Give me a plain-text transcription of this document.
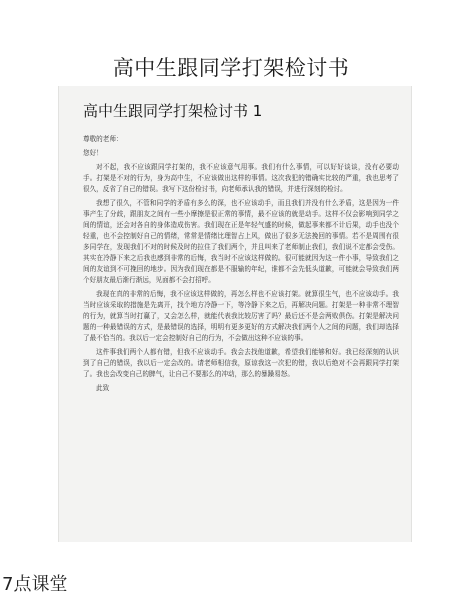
高中生跟同学打架检讨书
高中生跟同学打架检讨书 1

尊敬的老师：

您好！

对不起，我不应该跟同学打架的，我不应该意气用事。我们有什么事情，可以好好谈谈，没有必要动手。打架是不对的行为，身为高中生，不应该做出这样的事情。这次我犯的错确实比较的严重，我也思考了很久，反省了自己的错误。我写下这份检讨书，向老师承认我的错误，并进行深刻的检讨。

我想了很久，不管和同学的矛盾有多么的深，也不应该动手，而且我们并没有什么矛盾，这是因为一件事产生了分歧，跟朋友之间有一些小摩擦是很正常的事情，最不应该的就是动手。这样不仅会影响到同学之间的情谊，还会对各自的身体造成伤害。我们现在正是年轻气盛的时候，做起事来都不计后果，动手也没个轻重，也不会控制好自己的情绪，常常是情绪比理智占上风，做出了很多无法挽回的事情。若不是周围有很多同学在，发现我们不对的时候及时的拉住了我们两个，并且叫来了老师制止我们，我们说不定都会受伤。其实在冷静下来之后我也感到非常的后悔，我当时不应该这样做的。很可能就因为这一件小事，导致我们之间的友谊到不可挽回的地步。因为我们现在都是不服输的年纪，谁都不会先低头道歉，可能就会导致我们两个好朋友最后渐行渐远，见面都不会打招呼。

我现在真的非常的后悔，我不应该这样做的，再怎么样也不应该打架。就算很生气，也不应该动手。我当时应该采取的措施是先离开，找个地方冷静一下，等冷静下来之后，再解决问题。打架是一种非常不理智的行为，就算当时打赢了，又会怎么样，就能代表我比较厉害了吗？最后还不是会两败俱伤。打架是解决问题的一种最错误的方式，是最错误的选择，明明有更多更好的方式解决我们两个人之间的问题，我们却选择了最不恰当的。我以后一定会控制好自己的行为，不会做出这种不应该的事。

这件事我们两个人都有错，但我不应该动手。我会去找他道歉，希望我们能够和好。我已经深刻的认识到了自己的错误，我以后一定会改的。请老师相信我，原谅我这一次犯的错，我以后绝对不会再跟同学打架了。我也会改变自己的脾气，让自己不要那么的冲动，那么的暴躁易怒。

此致

7点课堂
